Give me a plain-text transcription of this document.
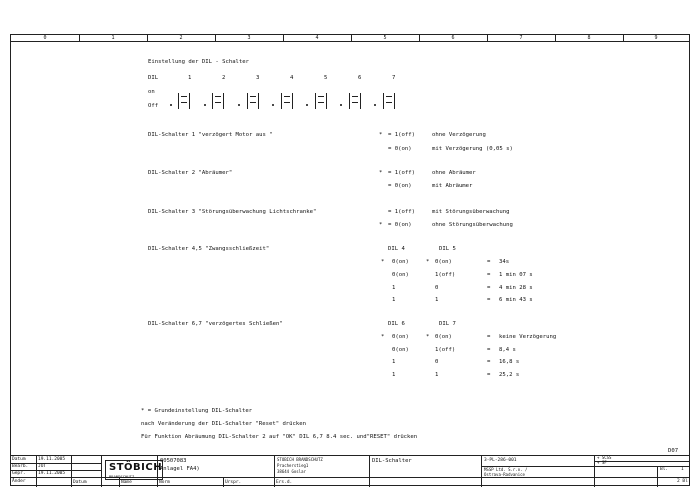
0	1	2	3	4	5	6	7	8	9
Einstellung der DIL - Schalter
DIL	1	2	3	4	5	6	7
on
Off
DIL-Schalter 1 "verzögert Motor aus "	* = 1(off)	ohne Verzögerung
= 0(on)	mit Verzögerung (0,05 s)
DIL-Schalter 2 "Abräumer"	* = 1(off)	ohne Abräumer
= 0(on)	mit Abräumer
DIL-Schalter 3 "Störungsüberwachung Lichtschranke"	= 1(off)	mit Störungsüberwachung
* = 0(on)	ohne Störungsüberwachung
DIL-Schalter 4,5 "Zwangsschließzeit"	DIL 4	DIL 5
* 0(on)	* 0(on)	= 34s
0(on)	1(off)	= 1 min 07 s
1	0	= 4 min 28 s
1	1	= 6 min 43 s
DIL-Schalter 6,7 "verzögertes Schließen"	DIL 6	DIL 7
* 0(on)	* 0(on)	= keine Verzögerung
0(on)	1(off)	= 8,4 s
1	0	= 16,8 s
1	1	= 25,2 s
* = Grundeinstellung DIL-Schalter
nach Veränderung der DIL-Schalter "Reset" drücken
Für Funktion Abräumung DIL-Schalter 2 auf "OK" DIL 6,7 8.4 sec. und"RESET" drücken
D07
Datum
Bearb.
Gepr.
Änder
19.11.2005
JUT
19.11.2005
Datum	Name	Norm	Urspr.	Ers.d.
STÖBICH
BRANDSCHUTZ
00507083
Anlagel FA4)
STOBICH BRANDSCHUTZ
Pracherstieg1
38644 Goslar
DIL-Schalter	3-PL-286-001
+ SCSS
+ SF
MSSP Ltd. S.r.o. /
Ostrava-Radvanice
Bl.	1
2 Bl
